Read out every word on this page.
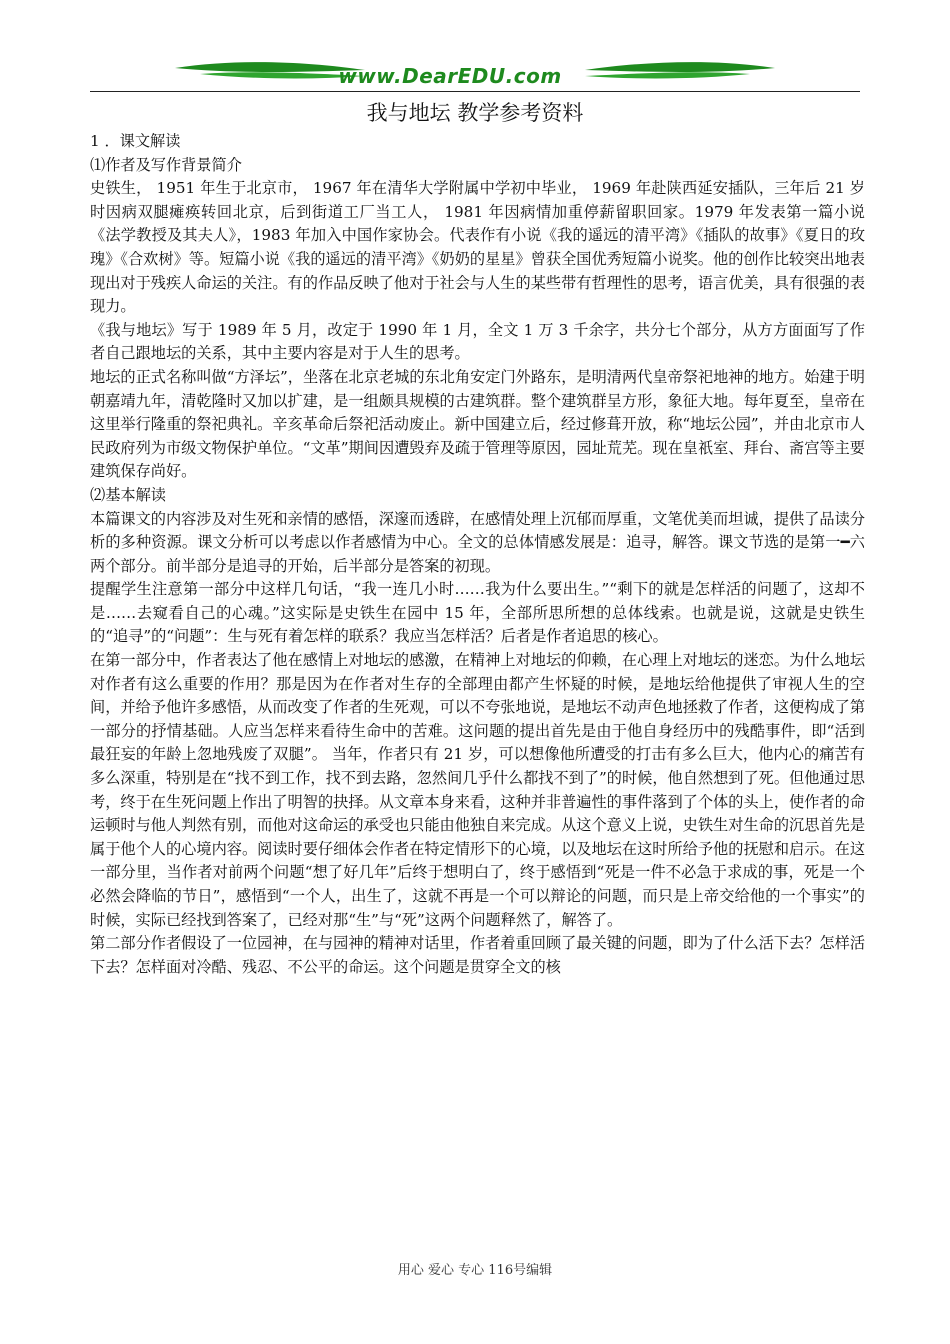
www.DearEDU.com
我与地坛 教学参考资料

1 ．课文解读

⑴作者及写作背景简介

史铁生， 1951 年生于北京市， 1967 年在清华大学附属中学初中毕业， 1969 年赴陕西延安插队，三年后 21 岁时因病双腿瘫痪转回北京，后到街道工厂当工人， 1981 年因病情加重停薪留职回家。1979 年发表第一篇小说《法学教授及其夫人》，1983 年加入中国作家协会。代表作有小说《我的遥远的清平湾》《插队的故事》《夏日的玫瑰》《合欢树》等。短篇小说《我的遥远的清平湾》《奶奶的星星》曾获全国优秀短篇小说奖。他的创作比较突出地表现出对于残疾人命运的关注。有的作品反映了他对于社会与人生的某些带有哲理性的思考，语言优美，具有很强的表现力。

《我与地坛》写于 1989 年 5 月，改定于 1990 年 1 月，全文 1 万 3 千余字，共分七个部分，从方方面面写了作者自己跟地坛的关系，其中主要内容是对于人生的思考。

地坛的正式名称叫做“方泽坛”，坐落在北京老城的东北角安定门外路东，是明清两代皇帝祭祀地神的地方。始建于明朝嘉靖九年，清乾隆时又加以扩建，是一组颇具规模的古建筑群。整个建筑群呈方形，象征大地。每年夏至，皇帝在这里举行隆重的祭祀典礼。辛亥革命后祭祀活动废止。新中国建立后，经过修葺开放，称“地坛公园”，并由北京市人民政府列为市级文物保护单位。“文革”期间因遭毁弃及疏于管理等原因，园址荒芜。现在皇祇室、拜台、斋宫等主要建筑保存尚好。

⑵基本解读

本篇课文的内容涉及对生死和亲情的感悟，深邃而透辟，在感情处理上沉郁而厚重，文笔优美而坦诚，提供了品读分析的多种资源。课文分析可以考虑以作者感情为中心。全文的总体情感发展是：追寻，解答。课文节选的是第一━六两个部分。前半部分是追寻的开始，后半部分是答案的初现。

提醒学生注意第一部分中这样几句话，“我一连几小时……我为什么要出生。”“剩下的就是怎样活的问题了，这却不是……去窥看自己的心魂。”这实际是史铁生在园中 15 年，全部所思所想的总体线索。也就是说，这就是史铁生的“追寻”的“问题”：生与死有着怎样的联系？我应当怎样活？后者是作者追思的核心。

在第一部分中，作者表达了他在感情上对地坛的感激，在精神上对地坛的仰赖，在心理上对地坛的迷恋。为什么地坛对作者有这么重要的作用？那是因为在作者对生存的全部理由都产生怀疑的时候，是地坛给他提供了审视人生的空间，并给予他许多感悟，从而改变了作者的生死观，可以不夸张地说，是地坛不动声色地拯救了作者，这便构成了第一部分的抒情基础。人应当怎样来看待生命中的苦难。这问题的提出首先是由于他自身经历中的残酷事件，即“活到最狂妄的年龄上忽地残废了双腿”。 当年，作者只有 21 岁，可以想像他所遭受的打击有多么巨大，他内心的痛苦有多么深重，特别是在“找不到工作，找不到去路，忽然间几乎什么都找不到了”的时候，他自然想到了死。但他通过思考，终于在生死问题上作出了明智的抉择。从文章本身来看，这种并非普遍性的事件落到了个体的头上，使作者的命运顿时与他人判然有别，而他对这命运的承受也只能由他独自来完成。从这个意义上说，史铁生对生命的沉思首先是属于他个人的心境内容。阅读时要仔细体会作者在特定情形下的心境，以及地坛在这时所给予他的抚慰和启示。在这一部分里，当作者对前两个问题“想了好几年”后终于想明白了，终于感悟到“死是一件不必急于求成的事，死是一个必然会降临的节日”，感悟到“一个人，出生了，这就不再是一个可以辩论的问题，而只是上帝交给他的一个事实”的时候，实际已经找到答案了，已经对那“生”与“死”这两个问题释然了，解答了。

第二部分作者假设了一位园神，在与园神的精神对话里，作者着重回顾了最关键的问题，即为了什么活下去？怎样活下去？怎样面对冷酷、残忍、不公平的命运。这个问题是贯穿全文的核

用心 爱心 专心 116号编辑
